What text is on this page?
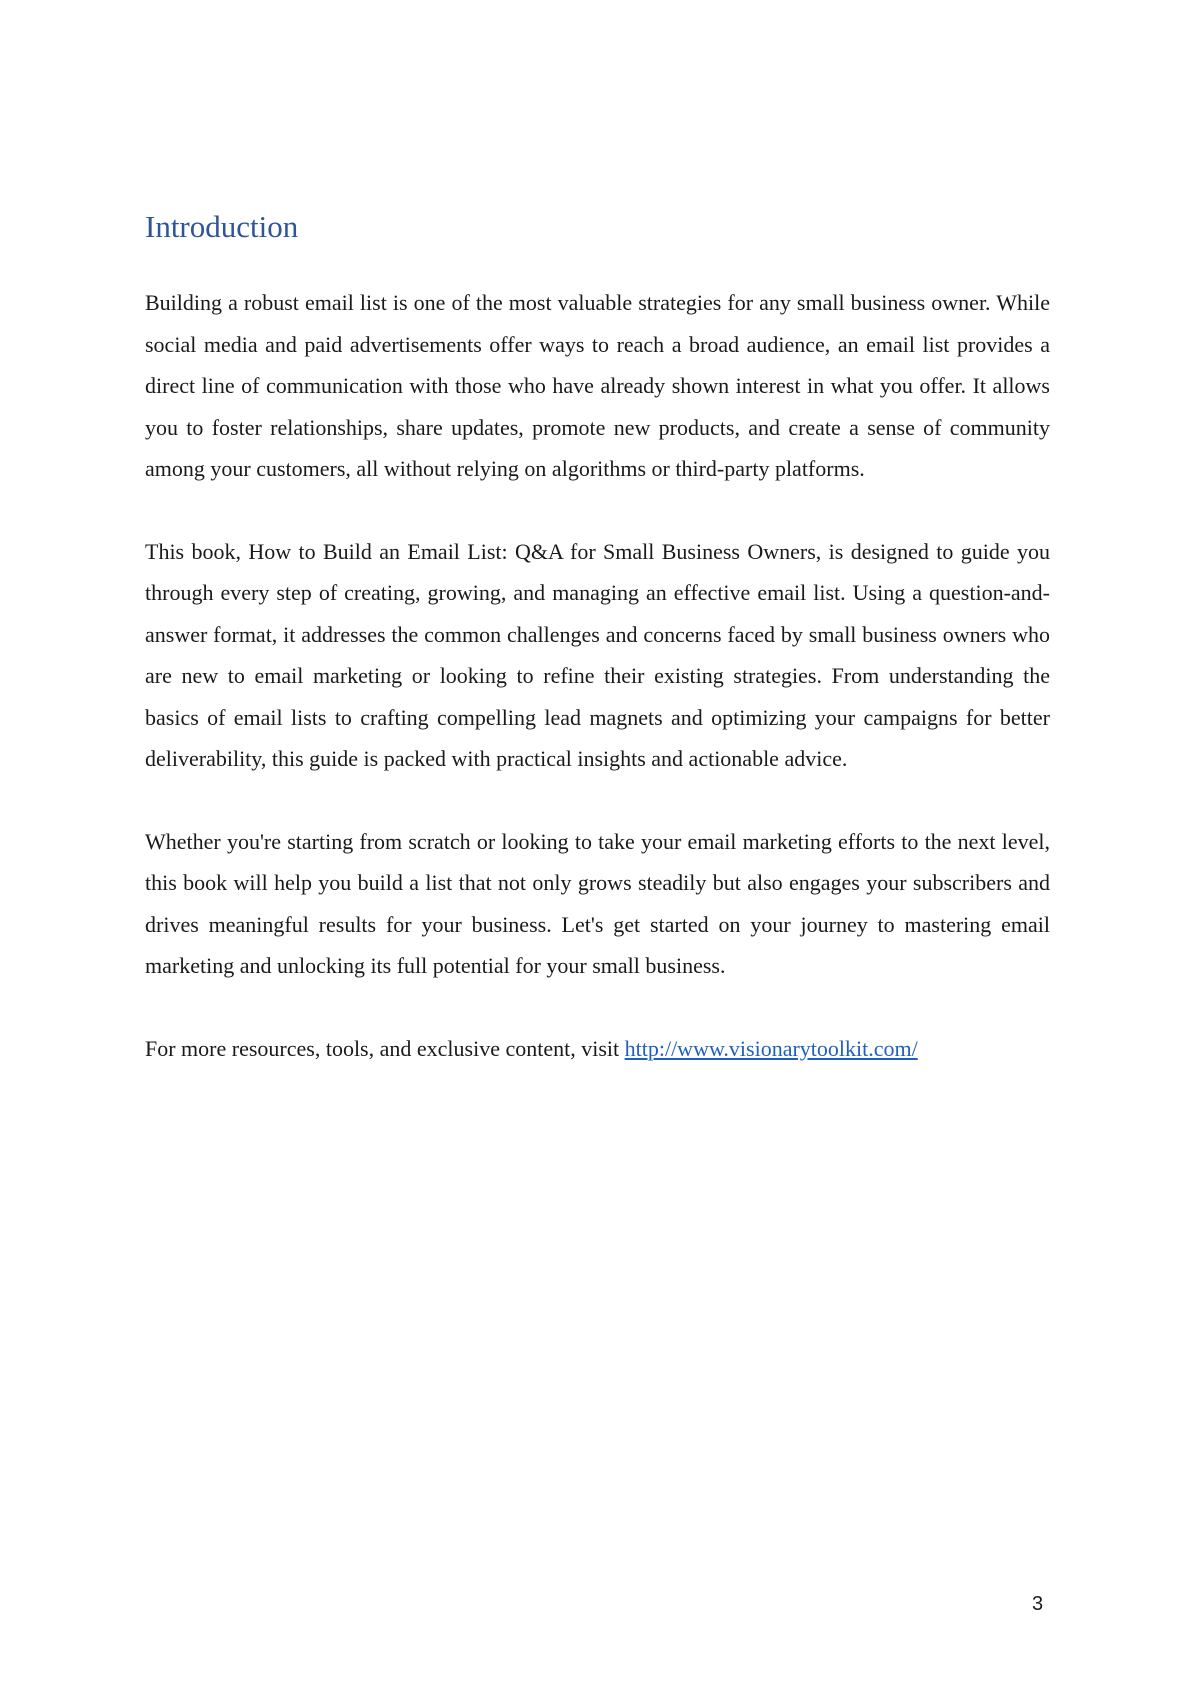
Introduction

Building a robust email list is one of the most valuable strategies for any small business owner. While social media and paid advertisements offer ways to reach a broad audience, an email list provides a direct line of communication with those who have already shown interest in what you offer. It allows you to foster relationships, share updates, promote new products, and create a sense of community among your customers, all without relying on algorithms or third-party platforms.

This book, How to Build an Email List: Q&A for Small Business Owners, is designed to guide you through every step of creating, growing, and managing an effective email list. Using a question-and-answer format, it addresses the common challenges and concerns faced by small business owners who are new to email marketing or looking to refine their existing strategies. From understanding the basics of email lists to crafting compelling lead magnets and optimizing your campaigns for better deliverability, this guide is packed with practical insights and actionable advice.

Whether you're starting from scratch or looking to take your email marketing efforts to the next level, this book will help you build a list that not only grows steadily but also engages your subscribers and drives meaningful results for your business. Let's get started on your journey to mastering email marketing and unlocking its full potential for your small business.

For more resources, tools, and exclusive content, visit http://www.visionarytoolkit.com/

3
